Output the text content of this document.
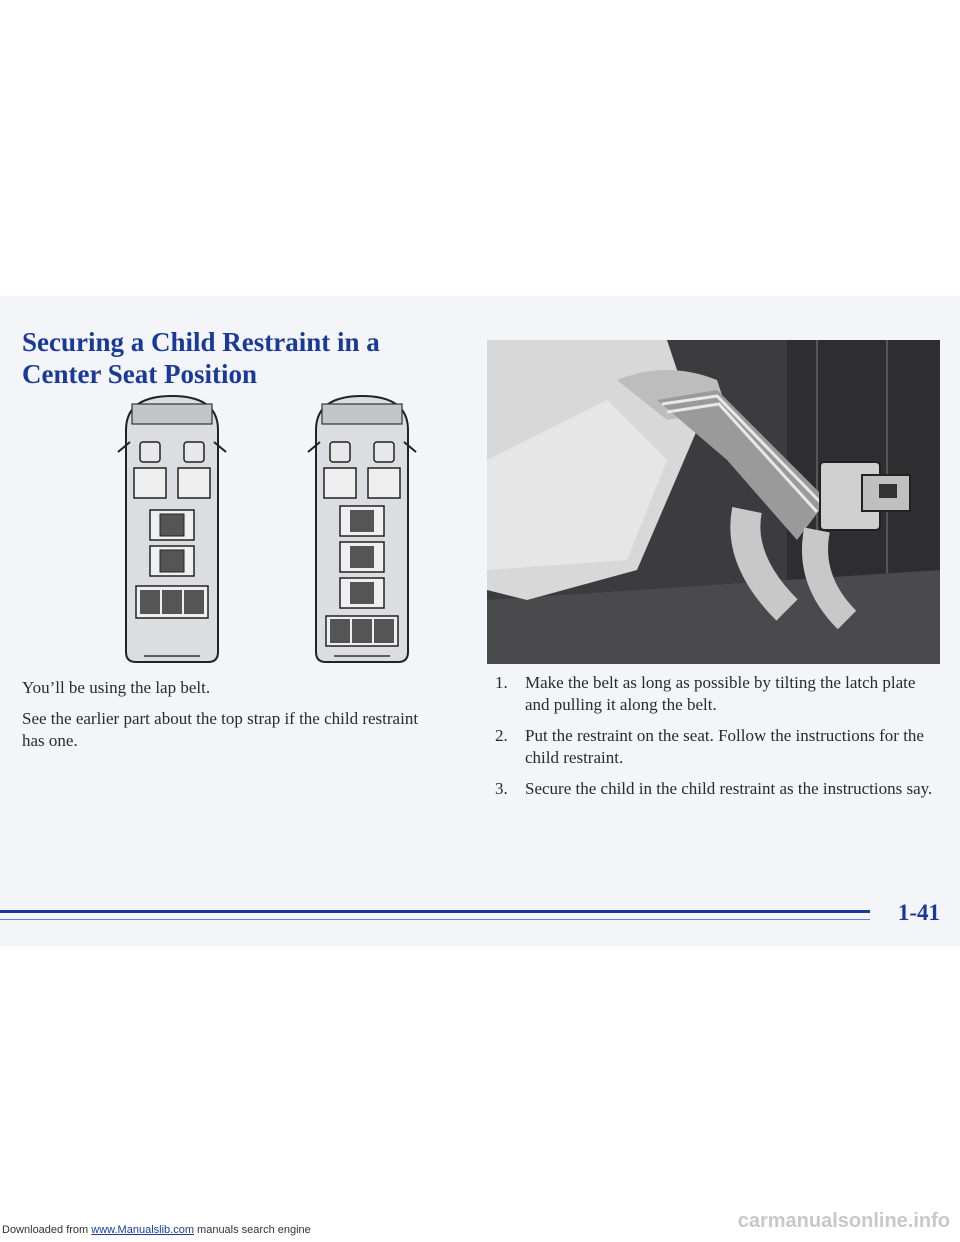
Securing a Child Restraint in a
Center Seat Position

You’ll be using the lap belt.

See the earlier part about the top strap if the child restraint has one.

1. Make the belt as long as possible by tilting the latch plate and pulling it along the belt.
2. Put the restraint on the seat. Follow the instructions for the child restraint.
3. Secure the child in the child restraint as the instructions say.
1-41
Downloaded from www.Manualslib.com manuals search engine	carmanualsonline.info
